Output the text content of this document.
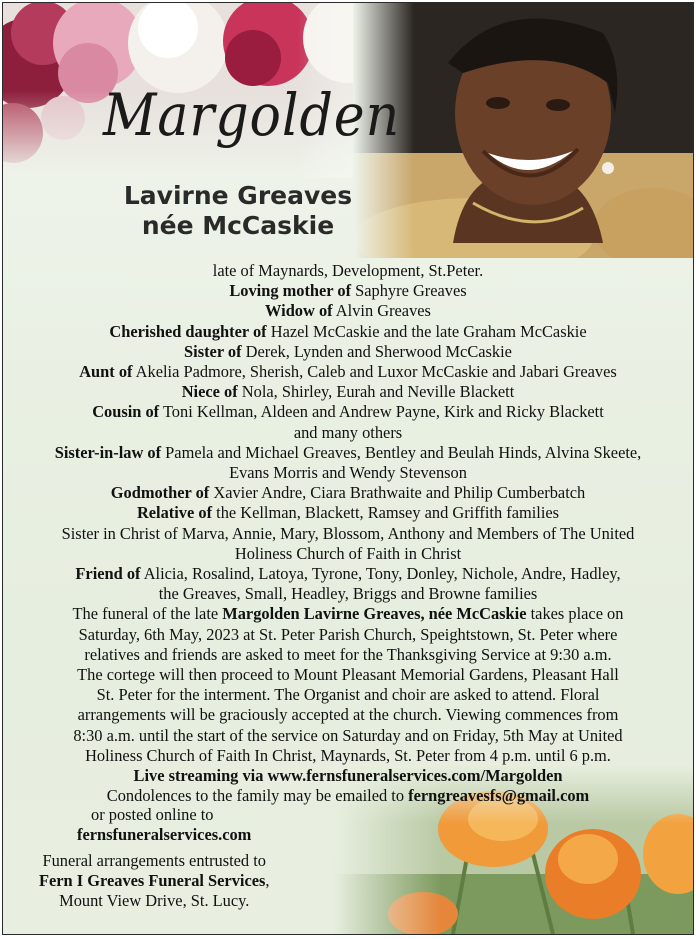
Margolden
Lavirne Greaves
née McCaskie
late of Maynards, Development, St.Peter.
Loving mother of Saphyre Greaves
Widow of Alvin Greaves
Cherished daughter of Hazel McCaskie and the late Graham McCaskie
Sister of Derek, Lynden and Sherwood McCaskie
Aunt of Akelia Padmore, Sherish, Caleb and Luxor McCaskie and Jabari Greaves
Niece of Nola, Shirley, Eurah and Neville Blackett
Cousin of Toni Kellman, Aldeen and Andrew Payne, Kirk and Ricky Blackett
and many others
Sister-in-law of Pamela and Michael Greaves, Bentley and Beulah Hinds, Alvina Skeete,
Evans Morris and Wendy Stevenson
Godmother of Xavier Andre, Ciara Brathwaite and Philip Cumberbatch
Relative of the Kellman, Blackett, Ramsey and Griffith families
Sister in Christ of Marva, Annie, Mary, Blossom, Anthony and Members of The United
Holiness Church of Faith in Christ
Friend of Alicia, Rosalind, Latoya, Tyrone, Tony, Donley, Nichole, Andre, Hadley,
the Greaves, Small, Headley, Briggs and Browne families
The funeral of the late Margolden Lavirne Greaves, née McCaskie takes place on
Saturday, 6th May, 2023 at St. Peter Parish Church, Speightstown, St. Peter where
relatives and friends are asked to meet for the Thanksgiving Service at 9:30 a.m.
The cortege will then proceed to Mount Pleasant Memorial Gardens, Pleasant Hall
St. Peter for the interment. The Organist and choir are asked to attend. Floral
arrangements will be graciously accepted at the church. Viewing commences from
8:30 a.m. until the start of the service on Saturday and on Friday, 5th May at United
Holiness Church of Faith In Christ, Maynards, St. Peter from 4 p.m. until 6 p.m.
Live streaming via www.fernsfuneralservices.com/Margolden
Condolences to the family may be emailed to ferngreavesfs@gmail.com
or posted online to
fernsfuneralservices.com
Funeral arrangements entrusted to
Fern I Greaves Funeral Services,
Mount View Drive, St. Lucy.
